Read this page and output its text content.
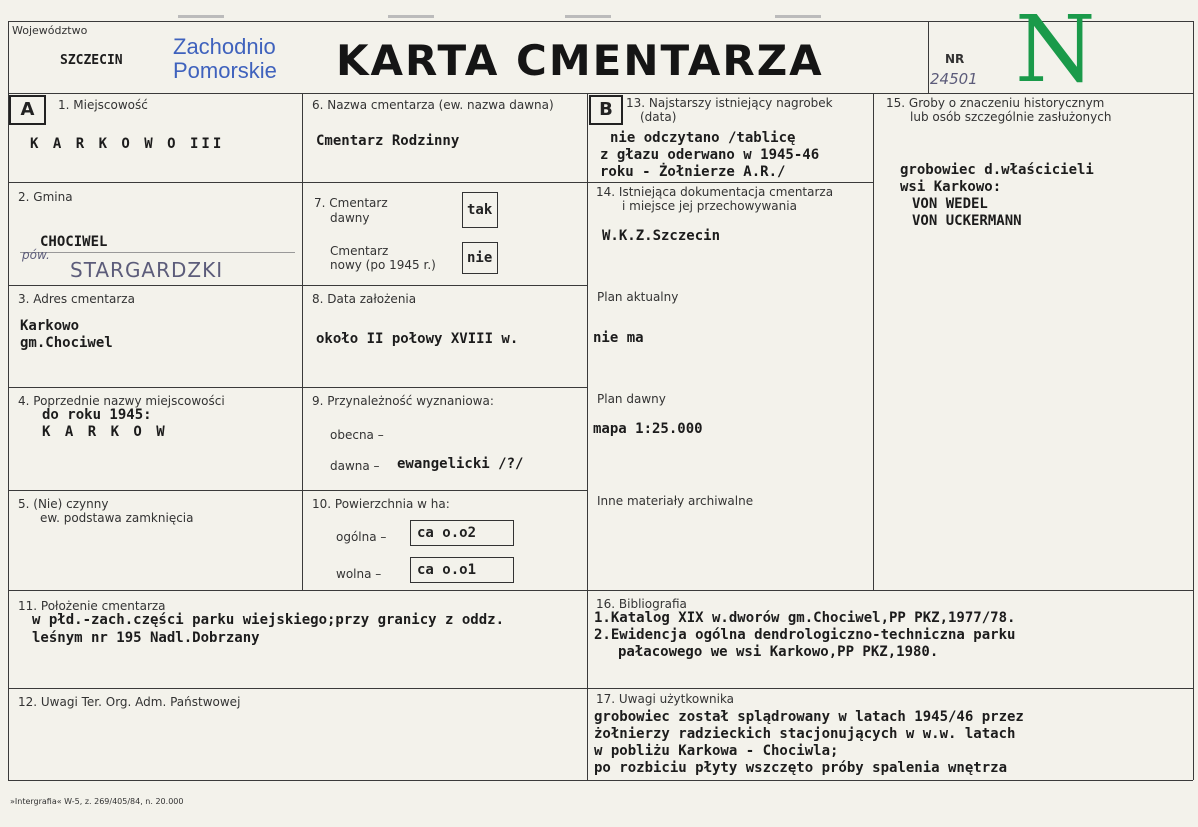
Województwo
SZCZECIN
Zachodnio
Pomorskie KARTA CMENTARZA	NR
24501 N
A	B
1. Miejscowość
K A R K O W O III
2. Gmina
CHOCIWEL
pów.
STARGARDZKI
3. Adres cmentarza
Karkowo
gm.Chociwel
4. Poprzednie nazwy miejscowości
do roku 1945:
K A R K O W
5. (Nie) czynny
ew. podstawa zamknięcia
6. Nazwa cmentarza (ew. nazwa dawna)
Cmentarz Rodzinny
7. Cmentarz
dawny	tak
Cmentarz
nowy (po 1945 r.)	nie
8. Data założenia
około II połowy XVIII w.
9. Przynależność wyznaniowa:
obecna –
dawna – ewangelicki /?/
10. Powierzchnia w ha:
ogólna –	ca o.o2
wolna –	ca o.o1
11. Położenie cmentarza
w płd.-zach.części parku wiejskiego;przy granicy z oddz.
leśnym nr 195 Nadl.Dobrzany
12. Uwagi Ter. Org. Adm. Państwowej
13. Najstarszy istniejący nagrobek
(data)
nie odczytano /tablicę
z głazu oderwano w 1945-46
roku - Żołnierze A.R./
14. Istniejąca dokumentacja cmentarza
i miejsce jej przechowywania
W.K.Z.Szczecin
Plan aktualny
nie ma
Plan dawny
mapa 1:25.000
Inne materiały archiwalne
15. Groby o znaczeniu historycznym
lub osób szczególnie zasłużonych
grobowiec d.właścicieli
wsi Karkowo:
VON WEDEL
VON UCKERMANN
16. Bibliografia
1.Katalog XIX w.dworów gm.Chociwel,PP PKZ,1977/78.
2.Ewidencja ogólna dendrologiczno-techniczna parku
pałacowego we wsi Karkowo,PP PKZ,1980.
17. Uwagi użytkownika
grobowiec został splądrowany w latach 1945/46 przez
żołnierzy radzieckich stacjonujących w w.w. latach
w pobliżu Karkowa - Chociwla;
po rozbiciu płyty wszczęto próby spalenia wnętrza
»Intergrafia« W-5, z. 269/405/84, n. 20.000
